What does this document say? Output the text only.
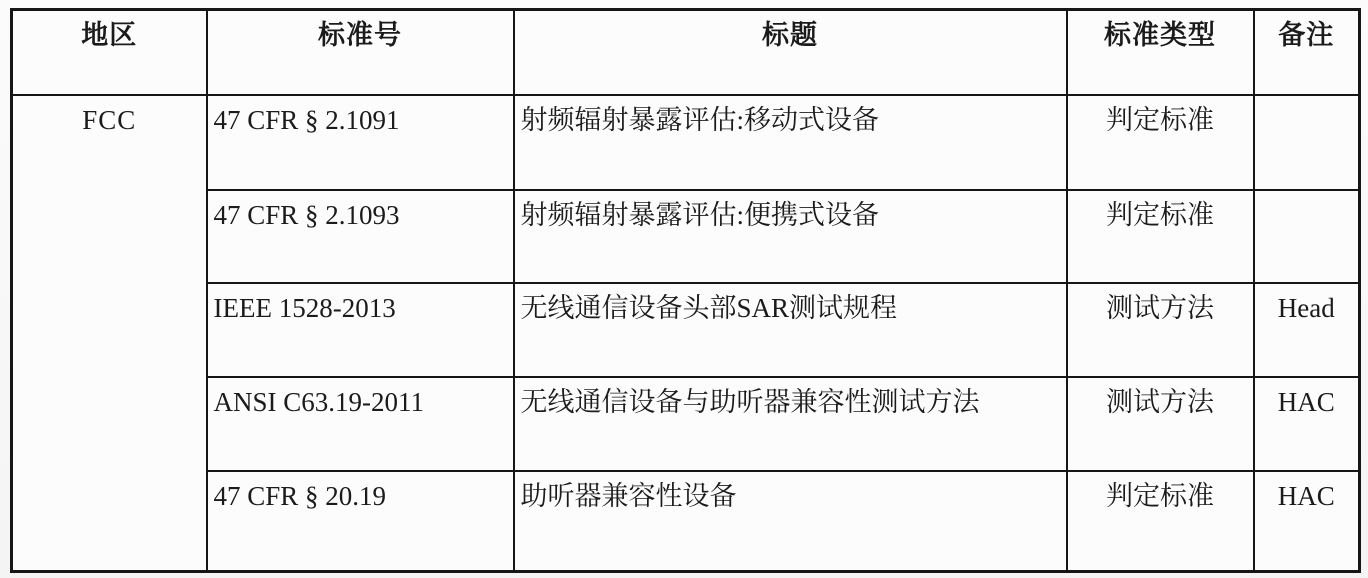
地区	标准号	标题	标准类型	备注
FCC	47 CFR § 2.1091	射频辐射暴露评估:移动式设备	判定标准	
	47 CFR § 2.1093	射频辐射暴露评估:便携式设备	判定标准	
	IEEE 1528-2013	无线通信设备头部SAR测试规程	测试方法	Head
	ANSI C63.19-2011	无线通信设备与助听器兼容性测试方法	测试方法	HAC
	47 CFR § 20.19	助听器兼容性设备	判定标准	HAC
